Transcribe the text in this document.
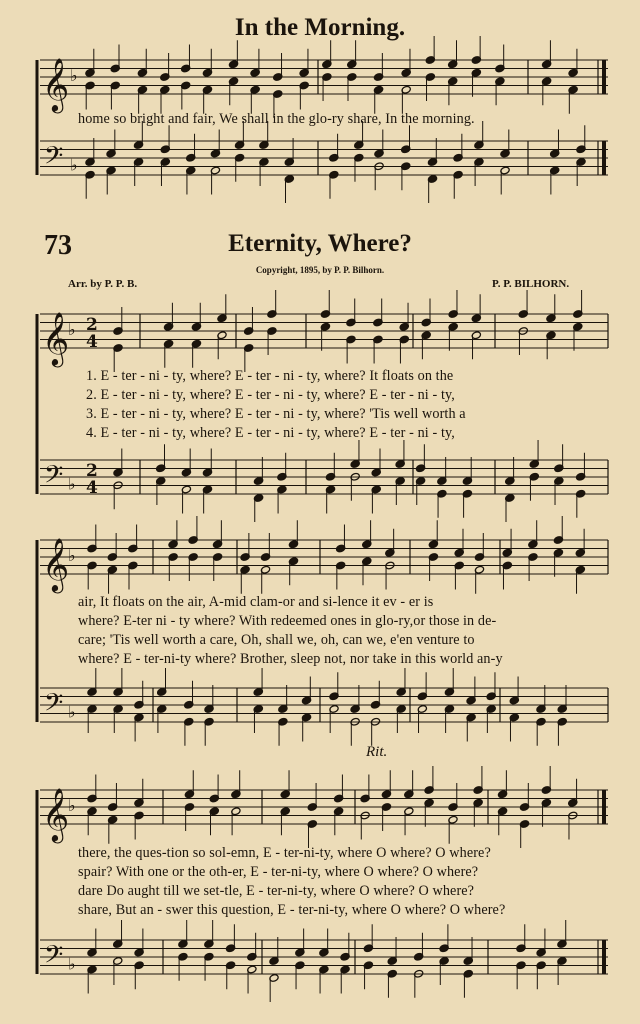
In the Morning.
73	Eternity, Where?
Copyright, 1895, by P. P. Bilhorn.
Arr. by P. P. B.	P. P. BILHORN.
Rit.
home so bright and fair, We shall in the glo-ry share, In the morning.
1. E - ter - ni - ty, where? E - ter - ni - ty, where? It floats on the
2. E - ter - ni - ty, where? E - ter - ni - ty, where? E - ter - ni - ty,
3. E - ter - ni - ty, where? E - ter - ni - ty, where? 'Tis well worth a
4. E - ter - ni - ty, where? E - ter - ni - ty, where? E - ter - ni - ty,
air, It floats on the air, A-mid clam-or and si-lence it ev - er is
where? E-ter ni - ty where? With redeemed ones in glo-ry,or those in de-
care; 'Tis well worth a care, Oh, shall we, oh, can we, e'en venture to
where? E - ter-ni-ty where? Brother, sleep not, nor take in this world an-y
there, the ques-tion so sol-emn, E - ter-ni-ty, where O where? O where?
spair? With one or the oth-er, E - ter-ni-ty, where O where? O where?
dare Do aught till we set-tle, E - ter-ni-ty, where O where? O where?
share, But an - swer this question, E - ter-ni-ty, where O where? O where?
𝄞
𝄢
♭
♭
𝄞
𝄢
♭
♭
2
4
2
4
𝄞
𝄢
♭
♭
𝄞
𝄢
♭
♭
